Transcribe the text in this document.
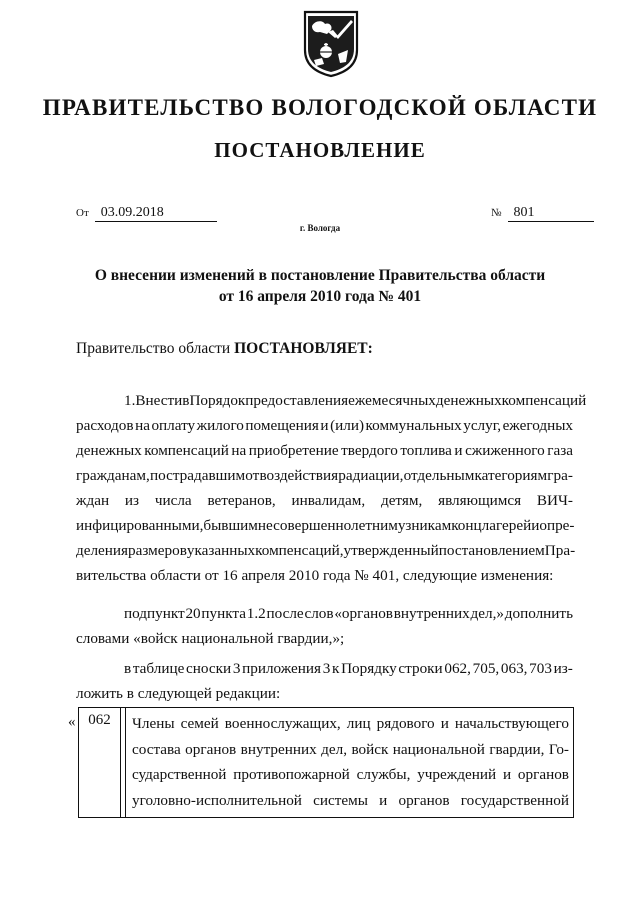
ПРАВИТЕЛЬСТВО ВОЛОГОДСКОЙ ОБЛАСТИ
ПОСТАНОВЛЕНИЕ
От 03.09.2018	№ 801
г. Вологда
О внесении изменений в постановление Правительства области
от 16 апреля 2010 года № 401
Правительство области ПОСТАНОВЛЯЕТ:
1. Внести в Порядок предоставления ежемесячных денежных компенсаций
расходов на оплату жилого помещения и (или) коммунальных услуг, ежегодных
денежных компенсаций на приобретение твердого топлива и сжиженного газа
гражданам, пострадавшим от воздействия радиации, отдельным категориям гра-
ждан из числа ветеранов, инвалидам, детям, являющимся ВИЧ-
инфицированными, бывшим несовершеннолетним узникам концлагерей и опре-
деления размеров указанных компенсаций, утвержденный постановлением Пра-
вительства области от 16 апреля 2010 года № 401, следующие изменения:
подпункт 20 пункта 1.2 после слов «органов внутренних дел,» дополнить
словами «войск национальной гвардии,»;
в таблице сноски 3 приложения 3 к Порядку строки 062, 705, 063, 703 из-
ложить в следующей редакции:
« 062	Члены семей военнослужащих, лиц рядового и начальствующего
состава органов внутренних дел, войск национальной гвардии, Го-
сударственной противопожарной службы, учреждений и органов
уголовно-исполнительной системы и органов государственной
